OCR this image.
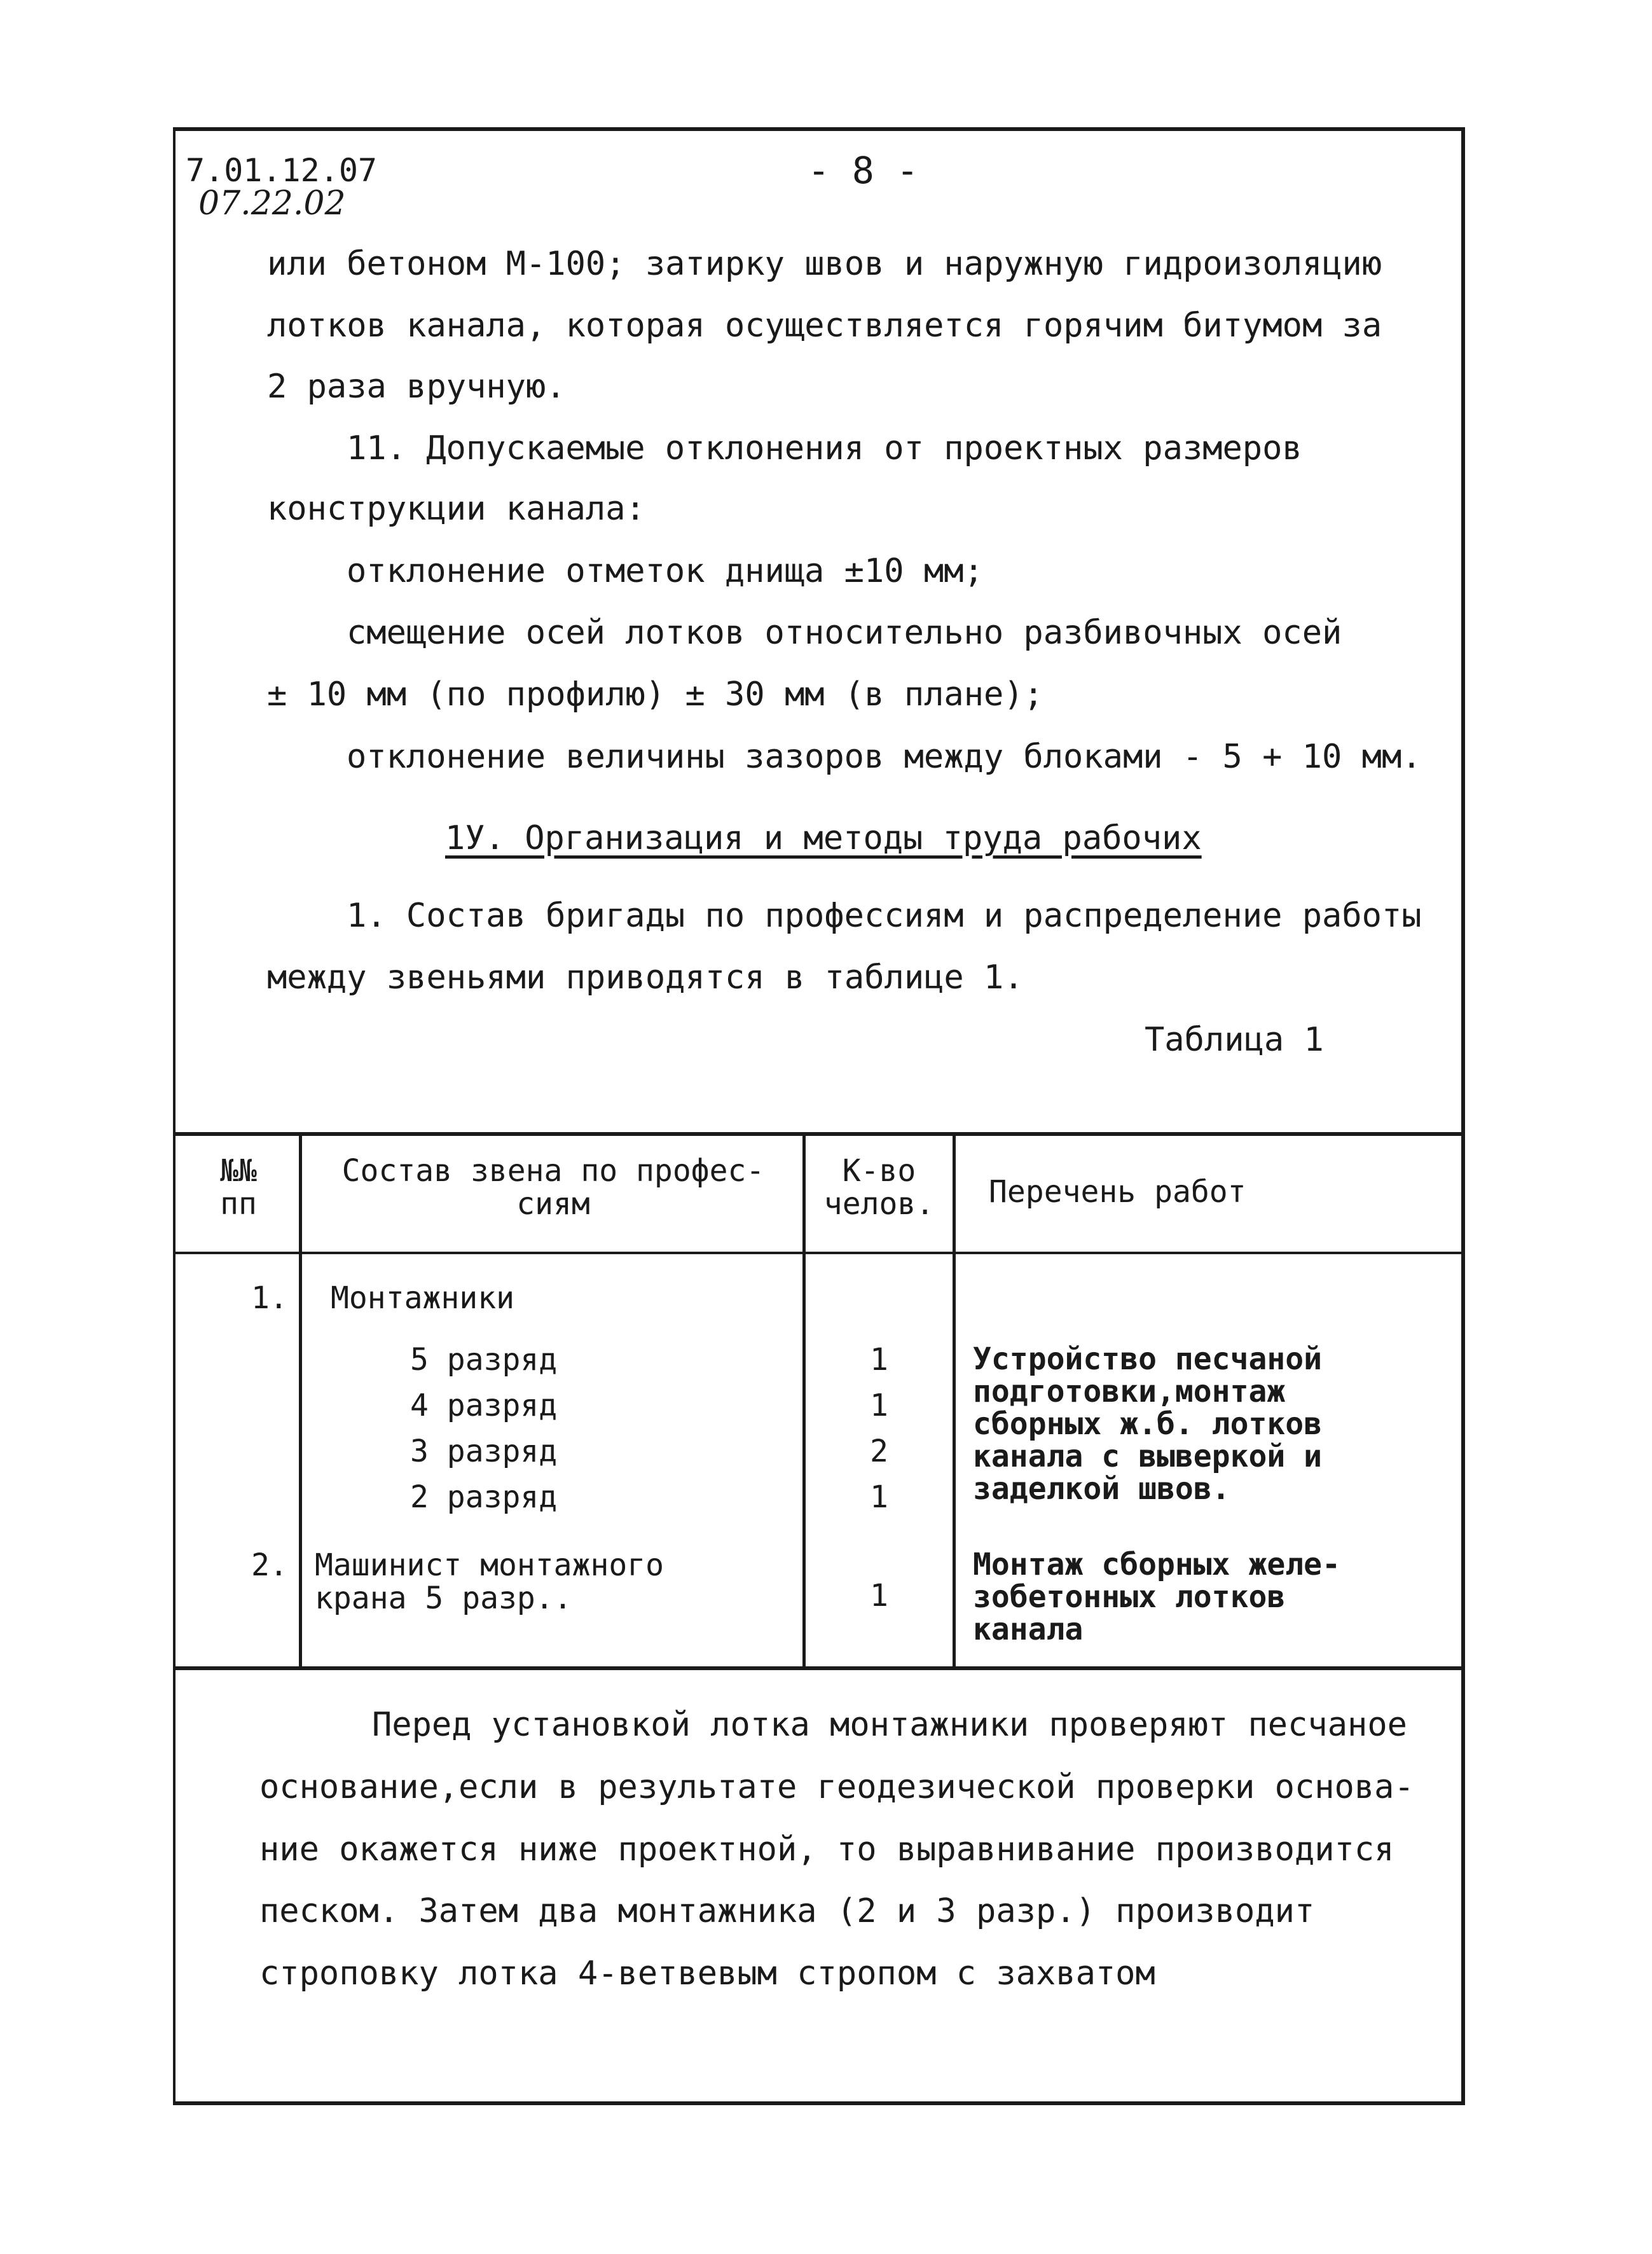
7.01.12.07
07.22.02
- 8 -
или бетоном М-100; затирку швов и наружную гидроизоляцию
лотков канала, которая осуществляется горячим битумом за
2 раза вручную.
11. Допускаемые отклонения от проектных размеров
конструкции канала:
отклонение отметок днища ±10 мм;
смещение осей лотков относительно разбивочных осей
± 10 мм (по профилю) ± 30 мм (в плане);
отклонение величины зазоров между блоками - 5 + 10 мм.
1У. Организация и методы труда рабочих
1. Состав бригады по профессиям и распределение работы
между звеньями приводятся в таблице 1.
Таблица 1
№№
пп
Состав звена по профес-
сиям
К-во
челов.	Перечень работ
1. Монтажники
5 разряд
4 разряд
3 разряд
2 разряд
1
1
2
1
Устройство песчаной
подготовки,монтаж
сборных ж.б. лотков
канала с выверкой и
заделкой швов.
2. Машинист монтажного
крана 5 разр..	1
Монтаж сборных желе-
зобетонных лотков
канала
Перед установкой лотка монтажники проверяют песчаное
основание,если в результате геодезической проверки основа-
ние окажется ниже проектной, то выравнивание производится
песком. Затем два монтажника (2 и 3 разр.) производит
строповку лотка 4-ветвевым стропом с захватом
